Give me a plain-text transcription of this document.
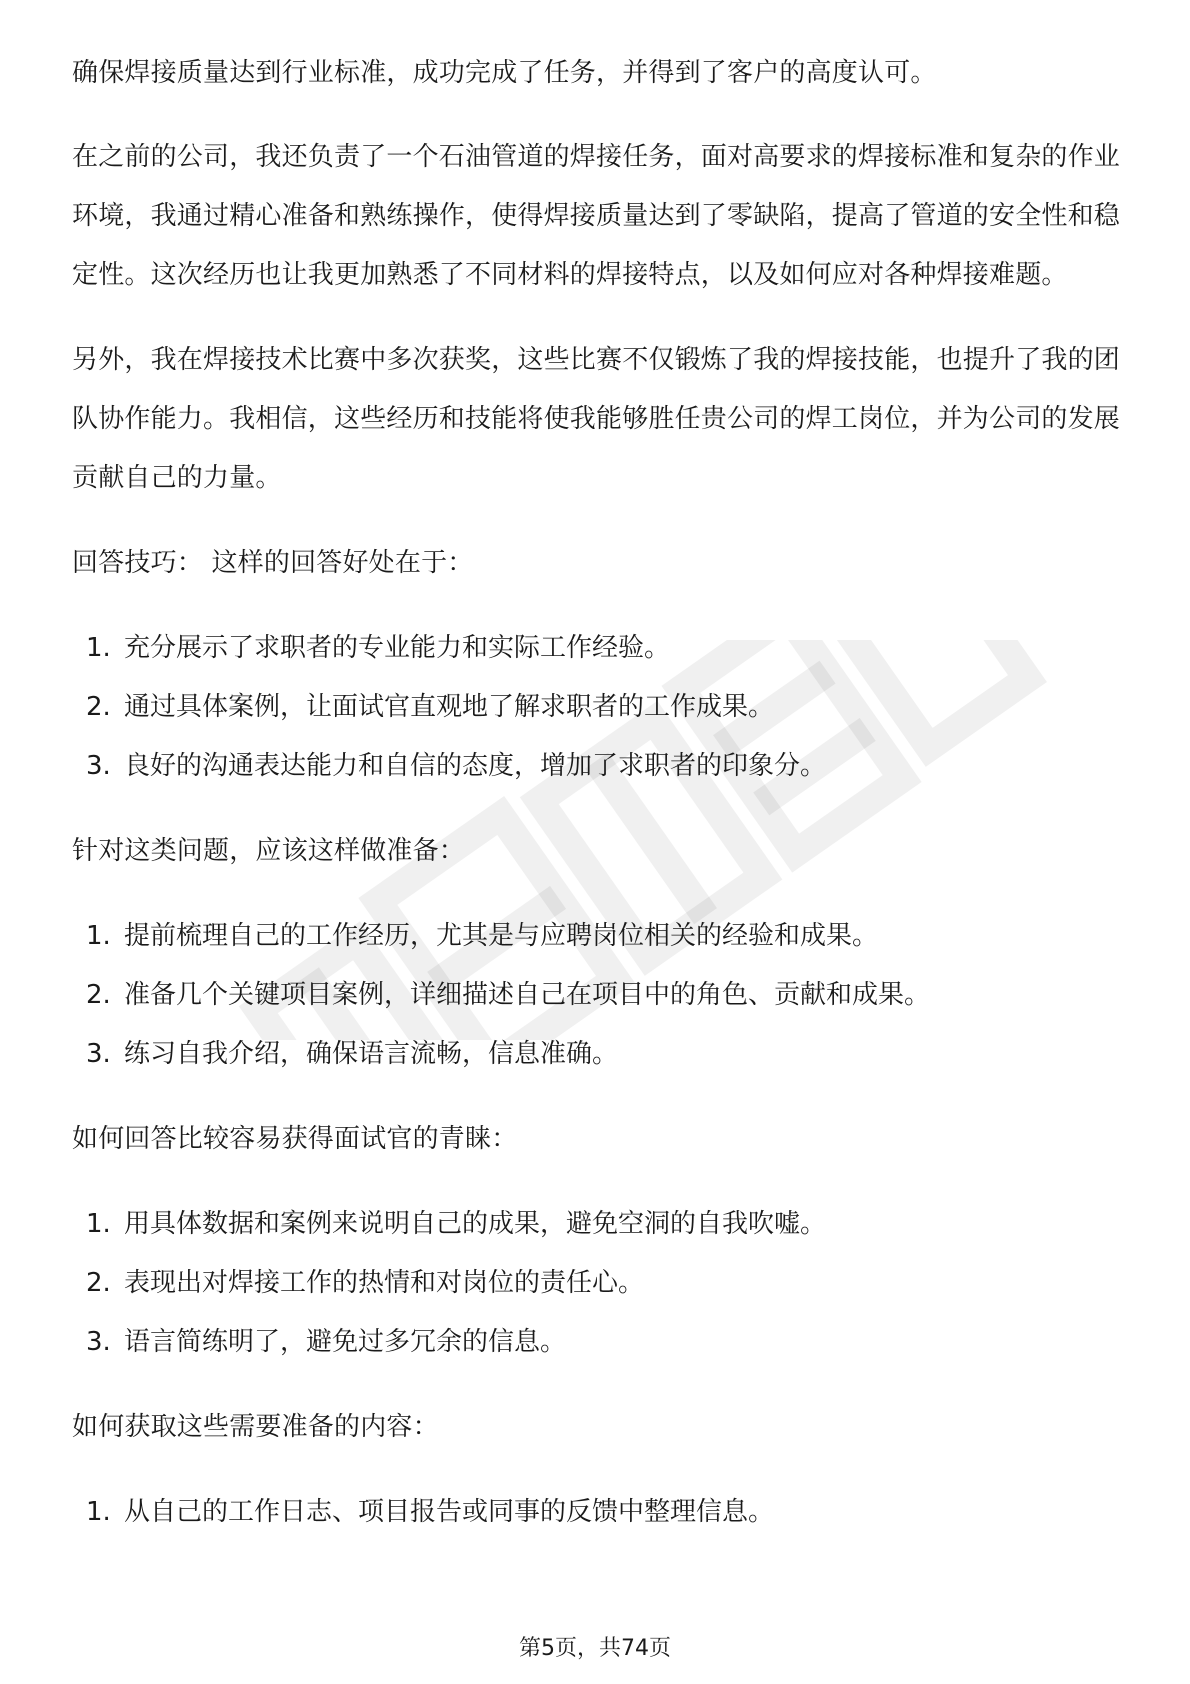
确保焊接质量达到行业标准，成功完成了任务，并得到了客户的高度认可。

在之前的公司，我还负责了一个石油管道的焊接任务，面对高要求的焊接标准和复杂的作业环境，我通过精心准备和熟练操作，使得焊接质量达到了零缺陷，提高了管道的安全性和稳定性。这次经历也让我更加熟悉了不同材料的焊接特点，以及如何应对各种焊接难题。

另外，我在焊接技术比赛中多次获奖，这些比赛不仅锻炼了我的焊接技能，也提升了我的团队协作能力。我相信，这些经历和技能将使我能够胜任贵公司的焊工岗位，并为公司的发展贡献自己的力量。

回答技巧： 这样的回答好处在于：

1. 充分展示了求职者的专业能力和实际工作经验。
2. 通过具体案例，让面试官直观地了解求职者的工作成果。
3. 良好的沟通表达能力和自信的态度，增加了求职者的印象分。

针对这类问题，应该这样做准备：

1. 提前梳理自己的工作经历，尤其是与应聘岗位相关的经验和成果。
2. 准备几个关键项目案例，详细描述自己在项目中的角色、贡献和成果。
3. 练习自我介绍，确保语言流畅，信息准确。

如何回答比较容易获得面试官的青睐：

1. 用具体数据和案例来说明自己的成果，避免空洞的自我吹嘘。
2. 表现出对焊接工作的热情和对岗位的责任心。
3. 语言简练明了，避免过多冗余的信息。

如何获取这些需要准备的内容：

1. 从自己的工作日志、项目报告或同事的反馈中整理信息。
第5页，共74页
